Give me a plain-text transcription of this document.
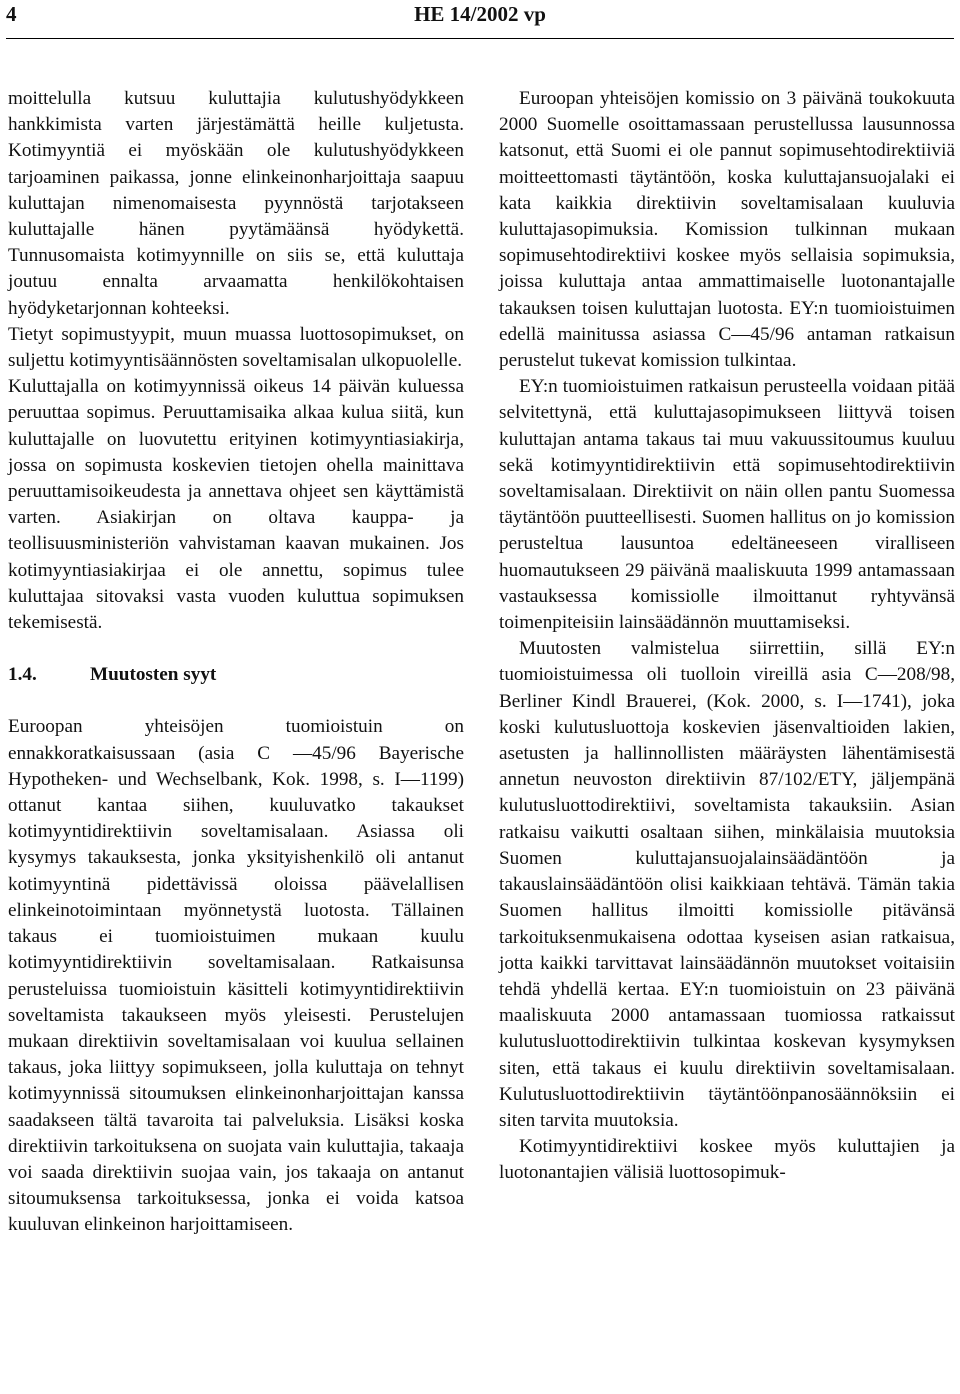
4	HE 14/2002 vp

moittelulla kutsuu kuluttajia kulutushyödykkeen hankkimista varten järjestämättä heille kuljetusta. Kotimyyntiä ei myöskään ole kulutushyödykkeen tarjoaminen paikassa, jonne elinkeinonharjoittaja saapuu kuluttajan nimenomaisesta pyynnöstä tarjotakseen kuluttajalle hänen pyytämäänsä hyödykettä. Tunnusomaista kotimyynnille on siis se, että kuluttaja joutuu ennalta arvaamatta henkilökohtaisen hyödyketarjonnan kohteeksi.

Tietyt sopimustyypit, muun muassa luottosopimukset, on suljettu kotimyyntisäännösten soveltamisalan ulkopuolelle.

Kuluttajalla on kotimyynnissä oikeus 14 päivän kuluessa peruuttaa sopimus. Peruuttamisaika alkaa kulua siitä, kun kuluttajalle on luovutettu erityinen kotimyyntiasiakirja, jossa on sopimusta koskevien tietojen ohella mainittava peruuttamisoikeudesta ja annettava ohjeet sen käyttämistä varten. Asiakirjan on oltava kauppa- ja teollisuusministeriön vahvistaman kaavan mukainen. Jos kotimyyntiasiakirjaa ei ole annettu, sopimus tulee kuluttajaa sitovaksi vasta vuoden kuluttua sopimuksen tekemisestä.

1.4.	Muutosten syyt

Euroopan yhteisöjen tuomioistuin on ennakkoratkaisussaan (asia C —45/96 Bayerische Hypotheken- und Wechselbank, Kok. 1998, s. I—1199) ottanut kantaa siihen, kuuluvatko takaukset kotimyyntidirektiivin soveltamisalaan. Asiassa oli kysymys takauksesta, jonka yksityishenkilö oli antanut kotimyyntinä pidettävissä oloissa päävelallisen elinkeinotoimintaan myönnetystä luotosta. Tällainen takaus ei tuomioistuimen mukaan kuulu kotimyyntidirektiivin soveltamisalaan. Ratkaisunsa perusteluissa tuomioistuin käsitteli kotimyyntidirektiivin soveltamista takaukseen myös yleisesti. Perustelujen mukaan direktiivin soveltamisalaan voi kuulua sellainen takaus, joka liittyy sopimukseen, jolla kuluttaja on tehnyt kotimyynnissä sitoumuksen elinkeinonharjoittajan kanssa saadakseen tältä tavaroita tai palveluksia. Lisäksi koska direktiivin tarkoituksena on suojata vain kuluttajia, takaaja voi saada direktiivin suojaa vain, jos takaaja on antanut sitoumuksensa tarkoituksessa, jonka ei voida katsoa kuuluvan elinkeinon harjoittamiseen.

Euroopan yhteisöjen komissio on 3 päivänä toukokuuta 2000 Suomelle osoittamassaan perustellussa lausunnossa katsonut, että Suomi ei ole pannut sopimusehtodirektiiviä moitteettomasti täytäntöön, koska kuluttajansuojalaki ei kata kaikkia direktiivin soveltamisalaan kuuluvia kuluttajasopimuksia. Komission tulkinnan mukaan sopimusehtodirektiivi koskee myös sellaisia sopimuksia, joissa kuluttaja antaa ammattimaiselle luotonantajalle takauksen toisen kuluttajan luotosta. EY:n tuomioistuimen edellä mainitussa asiassa C—45/96 antaman ratkaisun perustelut tukevat komission tulkintaa.

EY:n tuomioistuimen ratkaisun perusteella voidaan pitää selvitettynä, että kuluttajasopimukseen liittyvä toisen kuluttajan antama takaus tai muu vakuussitoumus kuuluu sekä kotimyyntidirektiivin että sopimusehtodirektiivin soveltamisalaan. Direktiivit on näin ollen pantu Suomessa täytäntöön puutteellisesti. Suomen hallitus on jo komission perusteltua lausuntoa edeltäneeseen viralliseen huomautukseen 29 päivänä maaliskuuta 1999 antamassaan vastauksessa komissiolle ilmoittanut ryhtyvänsä toimenpiteisiin lainsäädännön muuttamiseksi.

Muutosten valmistelua siirrettiin, sillä EY:n tuomioistuimessa oli tuolloin vireillä asia C—208/98, Berliner Kindl Brauerei, (Kok. 2000, s. I—1741), joka koski kulutusluottoja koskevien jäsenvaltioiden lakien, asetusten ja hallinnollisten määräysten lähentämisestä annetun neuvoston direktiivin 87/102/ETY, jäljempänä kulutusluottodirektiivi, soveltamista takauksiin. Asian ratkaisu vaikutti osaltaan siihen, minkälaisia muutoksia Suomen kuluttajansuojalainsäädäntöön ja takauslainsäädäntöön olisi kaikkiaan tehtävä. Tämän takia Suomen hallitus ilmoitti komissiolle pitävänsä tarkoituksenmukaisena odottaa kyseisen asian ratkaisua, jotta kaikki tarvittavat lainsäädännön muutokset voitaisiin tehdä yhdellä kertaa. EY:n tuomioistuin on 23 päivänä maaliskuuta 2000 antamassaan tuomiossa ratkaissut kulutusluottodirektiivin tulkintaa koskevan kysymyksen siten, että takaus ei kuulu direktiivin soveltamisalaan. Kulutusluottodirektiivin täytäntöönpanosäännöksiin ei siten tarvita muutoksia.

Kotimyyntidirektiivi koskee myös kuluttajien ja luotonantajien välisiä luottosopimuk-
